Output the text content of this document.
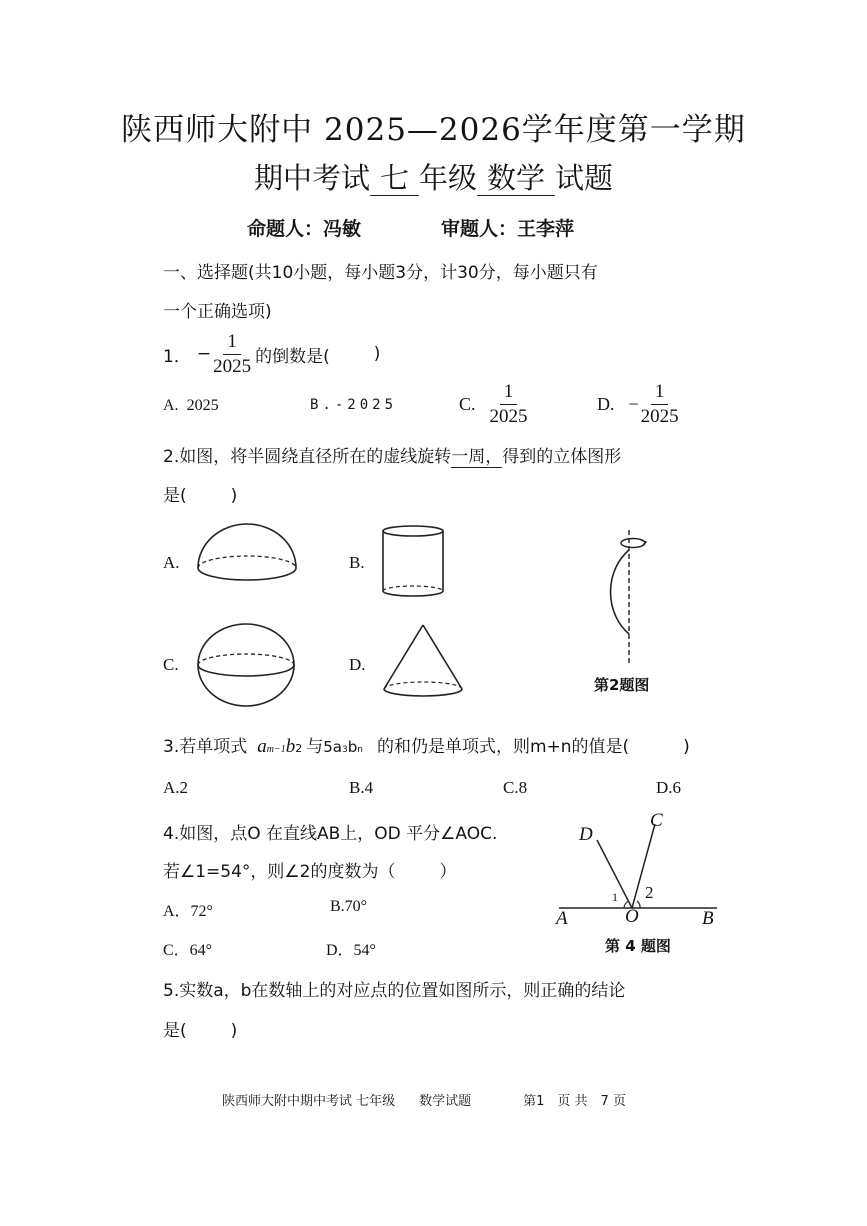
陕西师大附中 2025—2026学年度第一学期
期中考试 七 年级 数学 试题
命题人：冯敏	审题人：王李萍
一、选择题(共10小题，每小题3分，计30分，每小题只有
一个正确选项)
1． − $\frac{1}{2025}$ 的倒数是(	)
A. 2025	B.-2025	C. $\frac{1}{2025}$	D. − $\frac{1}{2025}$
2.如图，将半圆绕直径所在的虚线旋转一周，得到的立体图形
是(	)
A.	B.
C.	D.
第2题图
3.若单项式 a m−1 b 2 与 5a 3 b n 的和仍是单项式，则m+n的值是(	)
A.2	B.4	C.8	D.6
4.如图，点O 在直线AB上，OD 平分∠AOC.
若∠1=54°，则∠2的度数为（	）
A．72°	B.70°
C．64°	D．54°
D
C
A	O	B
1 2
第 4 题图
5.实数a，b在数轴上的对应点的位置如图所示，则正确的结论
是(	)
陕西师大附中期中考试 七年级 数学试题	第1　页 共　7 页
